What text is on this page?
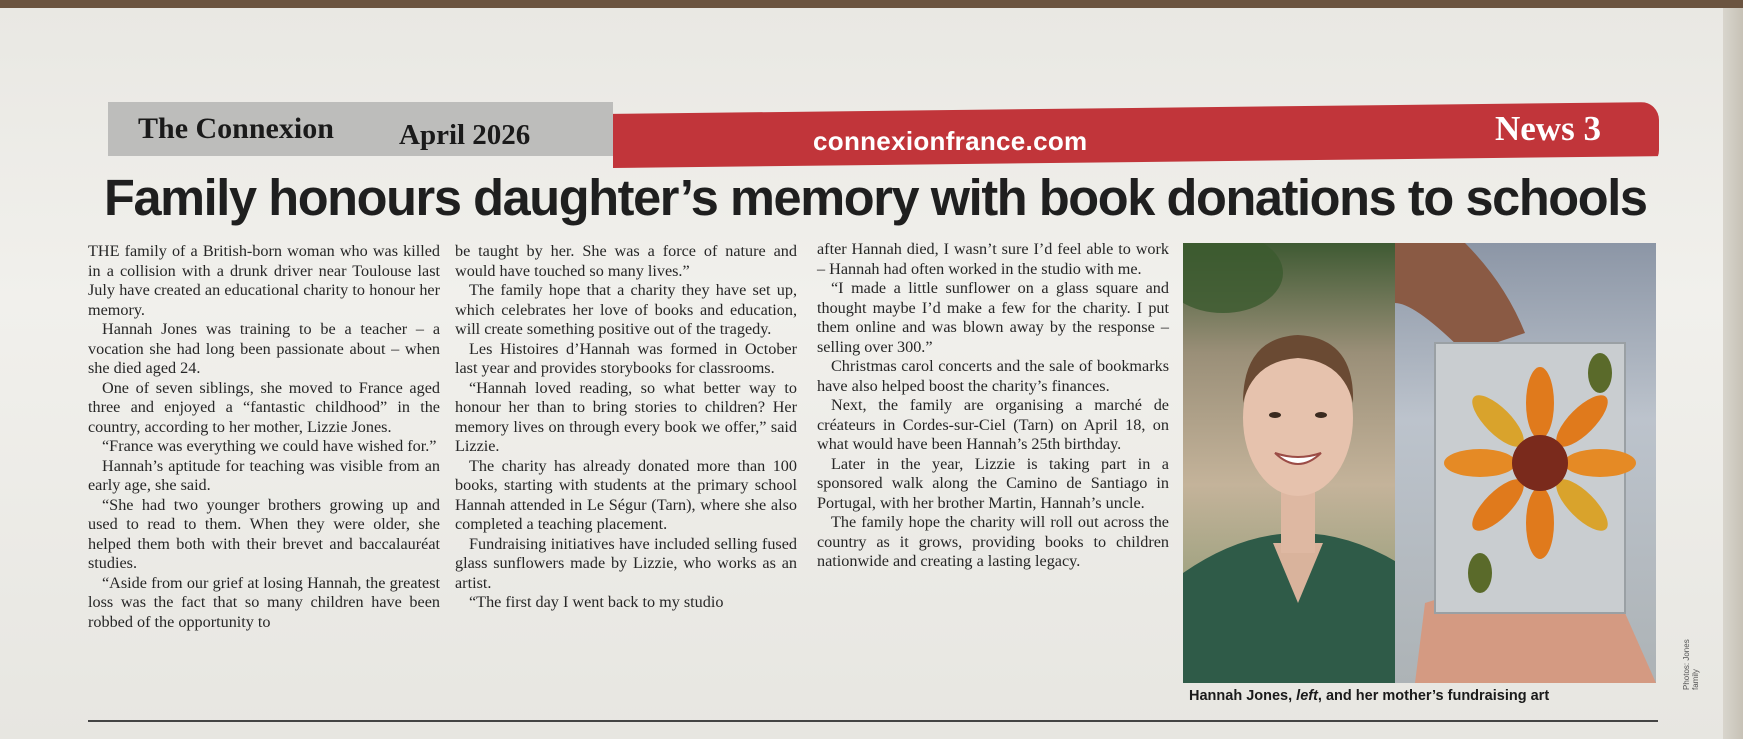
The Connexion April 2026	connexionfrance.com	News 3
Family honours daughter’s memory with book donations to schools

THE family of a British-born woman who was killed in a collision with a drunk driver near Toulouse last July have created an educational charity to honour her memory.

Hannah Jones was training to be a teacher – a vocation she had long been passionate about – when she died aged 24.

One of seven siblings, she moved to France aged three and enjoyed a “fantastic childhood” in the country, according to her mother, Lizzie Jones.

“France was everything we could have wished for.”

Hannah’s aptitude for teaching was visible from an early age, she said.

“She had two younger brothers growing up and used to read to them. When they were older, she helped them both with their brevet and baccalauréat studies.

“Aside from our grief at losing Hannah, the greatest loss was the fact that so many children have been robbed of the opportunity to

be taught by her. She was a force of nature and would have touched so many lives.”

The family hope that a charity they have set up, which celebrates her love of books and education, will create something positive out of the tragedy.

Les Histoires d’Hannah was formed in October last year and provides storybooks for classrooms.

“Hannah loved reading, so what better way to honour her than to bring stories to children? Her memory lives on through every book we offer,” said Lizzie.

The charity has already donated more than 100 books, starting with students at the primary school Hannah attended in Le Ségur (Tarn), where she also completed a teaching placement.

Fundraising initiatives have included selling fused glass sunflowers made by Lizzie, who works as an artist.

“The first day I went back to my studio

after Hannah died, I wasn’t sure I’d feel able to work – Hannah had often worked in the studio with me.

“I made a little sunflower on a glass square and thought maybe I’d make a few for the charity. I put them online and was blown away by the response – selling over 300.”

Christmas carol concerts and the sale of bookmarks have also helped boost the charity’s finances.

Next, the family are organising a marché de créateurs in Cordes-sur-Ciel (Tarn) on April 18, on what would have been Hannah’s 25th birthday.

Later in the year, Lizzie is taking part in a sponsored walk along the Camino de Santiago in Portugal, with her brother Martin, Hannah’s uncle.

The family hope the charity will roll out across the country as it grows, providing books to children nationwide and creating a lasting legacy.

Hannah Jones, left, and her mother’s fundraising art
Photos: Jones family
